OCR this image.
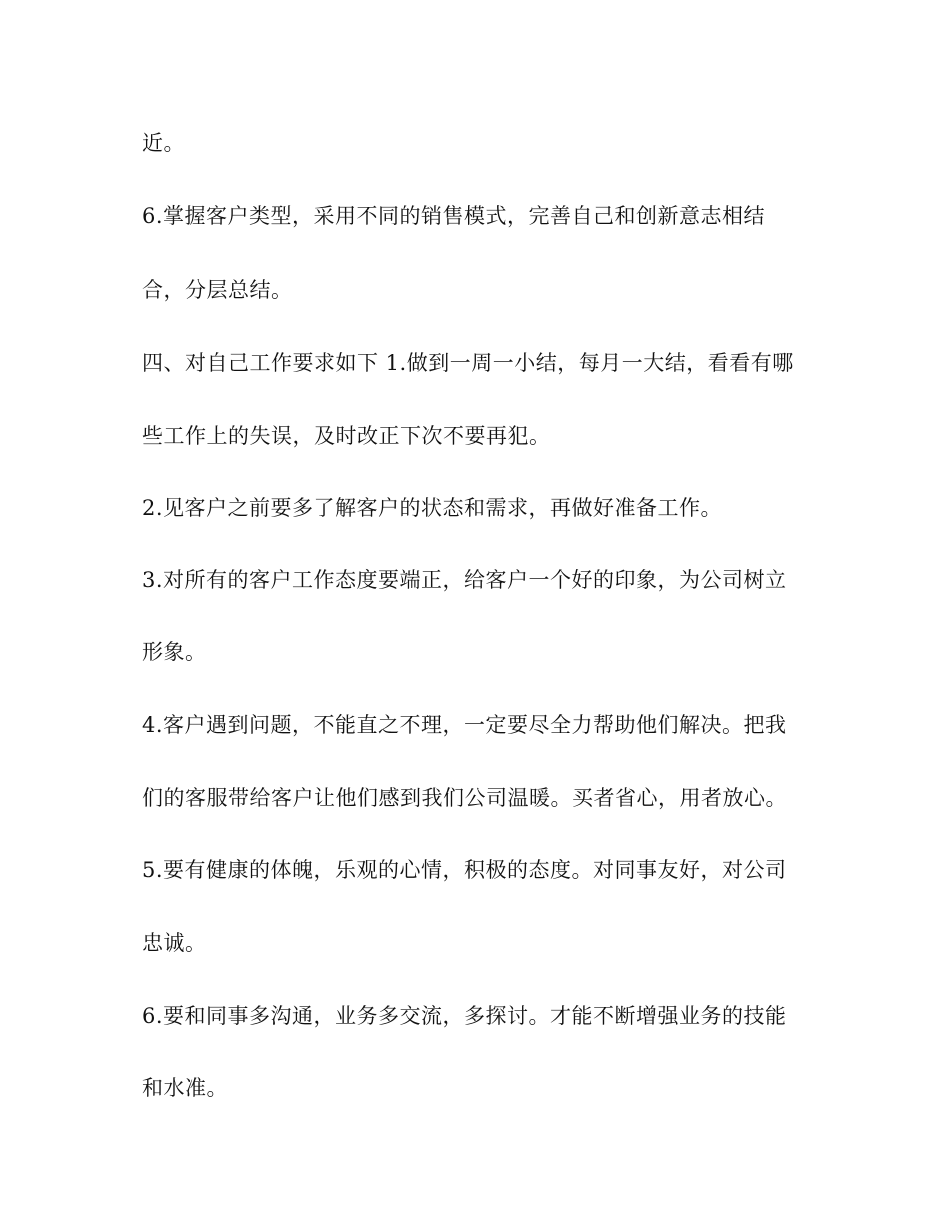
近。
6.掌握客户类型，采用不同的销售模式，完善自己和创新意志相结
合，分层总结。
四、对自己工作要求如下 1.做到一周一小结，每月一大结，看看有哪
些工作上的失误，及时改正下次不要再犯。
2.见客户之前要多了解客户的状态和需求，再做好准备工作。
3.对所有的客户工作态度要端正，给客户一个好的印象，为公司树立
形象。
4.客户遇到问题，不能直之不理，一定要尽全力帮助他们解决。把我
们的客服带给客户让他们感到我们公司温暖。买者省心，用者放心。
5.要有健康的体魄，乐观的心情，积极的态度。对同事友好，对公司
忠诚。
6.要和同事多沟通，业务多交流，多探讨。才能不断增强业务的技能
和水准。
